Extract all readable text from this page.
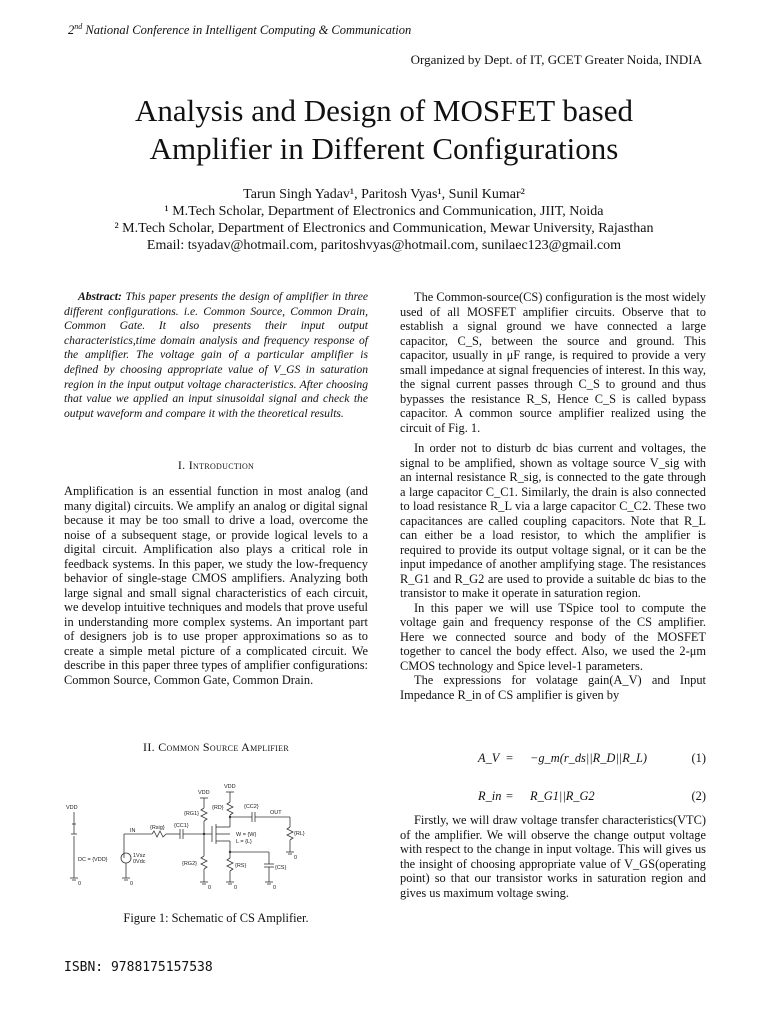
2nd National Conference in Intelligent Computing & Communication
Organized by Dept. of IT, GCET Greater Noida, INDIA
Analysis and Design of MOSFET based
Amplifier in Different Configurations
Tarun Singh Yadav¹, Paritosh Vyas¹, Sunil Kumar²
¹ M.Tech Scholar, Department of Electronics and Communication, JIIT, Noida
² M.Tech Scholar, Department of Electronics and Communication, Mewar University, Rajasthan
Email: tsyadav@hotmail.com, paritoshvyas@hotmail.com, sunilaec123@gmail.com

Abstract: This paper presents the design of amplifier in three different configurations. i.e. Common Source, Common Drain, Common Gate. It also presents their input output characteristics,time domain analysis and frequency response of the amplifier. The voltage gain of a particular amplifier is defined by choosing appropriate value of V_GS in saturation region in the input output voltage characteristics. After choosing that value we applied an input sinusoidal signal and check the output waveform and compare it with the theoretical results.

I. Introduction

Amplification is an essential function in most analog (and many digital) circuits. We amplify an analog or digital signal because it may be too small to drive a load, overcome the noise of a subsequent stage, or provide logical levels to a digital circuit. Amplification also plays a critical role in feedback systems. In this paper, we study the low-frequency behavior of single-stage CMOS amplifiers. Analyzing both large signal and small signal characteristics of each circuit, we develop intuitive techniques and models that prove useful in understanding more complex systems. An important part of designers job is to use proper approximations so as to create a simple metal picture of a complicated circuit. We describe in this paper three types of amplifier configurations: Common Source, Common Gate, Common Drain.

II. Common Source Amplifier
VDD
VDD
VDD
{RG1}
{RD}	{CC2}
OUT
IN	{Rsig} {CC1}
W = {W}
L = {L}
{RL}
DC = {VDD}
1Vsz
0Vdc	{RG2}	{RS}	{CS}
0	0
0	0	0
0
Figure 1: Schematic of CS Amplifier.
ISBN: 9788175157538

The Common-source(CS) configuration is the most widely used of all MOSFET amplifier circuits. Observe that to establish a signal ground we have connected a large capacitor, C_S, between the source and ground. This capacitor, usually in μF range, is required to provide a very small impedance at signal frequencies of interest. In this way, the signal current passes through C_S to ground and thus bypasses the resistance R_S, Hence C_S is called bypass capacitor. A common source amplifier realized using the circuit of Fig. 1.

In order not to disturb dc bias current and voltages, the signal to be amplified, shown as voltage source V_sig with an internal resistance R_sig, is connected to the gate through a large capacitor C_C1. Similarly, the drain is also connected to load resistance R_L via a large capacitor C_C2. These two capacitances are called coupling capacitors. Note that R_L can either be a load resistor, to which the amplifier is required to provide its output voltage signal, or it can be the input impedance of another amplifying stage. The resistances R_G1 and R_G2 are used to provide a suitable dc bias to the transistor to make it operate in saturation region.

In this paper we will use TSpice tool to compute the voltage gain and frequency response of the CS amplifier. Here we connected source and body of the MOSFET together to cancel the body effect. Also, we used the 2-μm CMOS technology and Spice level-1 parameters.

The expressions for volatage gain(A_V) and Input Impedance R_in of CS amplifier is given by

A_V = −g_m(r_ds||R_D||R_L)	(1)
R_in = R_G1||R_G2	(2)

Firstly, we will draw voltage transfer characteristics(VTC) of the amplifier. We will observe the change output voltage with respect to the change in input voltage. This will gives us the insight of choosing appropriate value of V_GS(operating point) so that our transistor works in saturation region and gives us maximum voltage swing.
